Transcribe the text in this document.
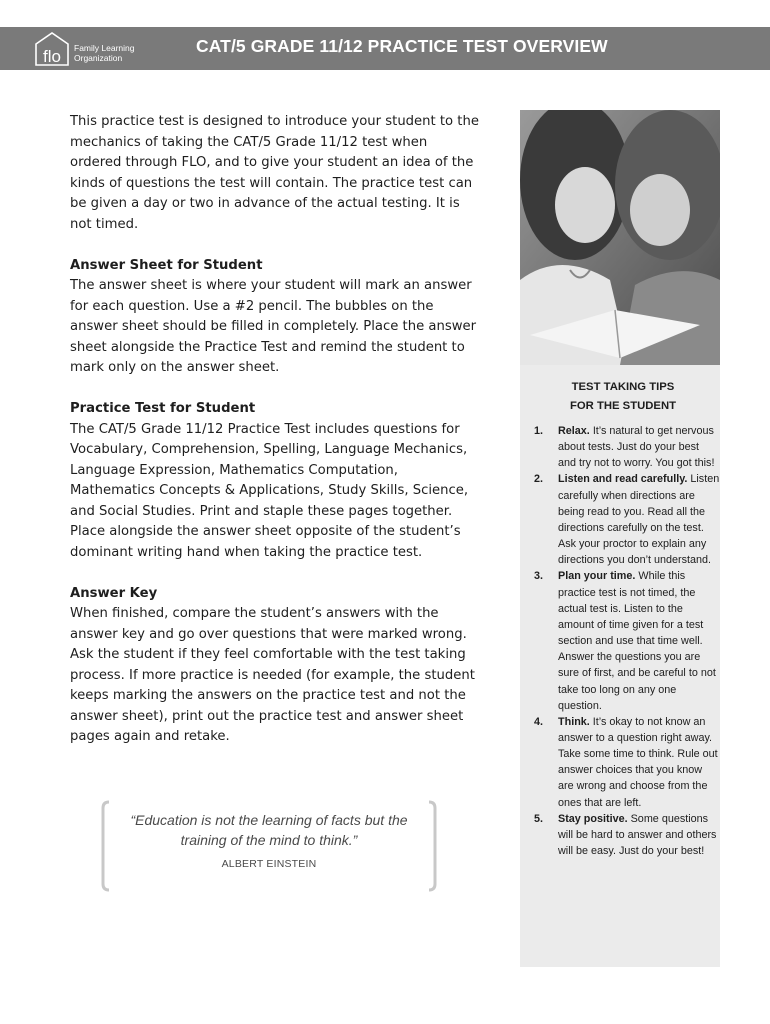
flo Family Learning
Organization
CAT/5 GRADE 11/12 PRACTICE TEST OVERVIEW

This practice test is designed to introduce your student to the mechanics of taking the CAT/5 Grade 11/12 test when ordered through FLO, and to give your student an idea of the kinds of questions the test will contain. The practice test can be given a day or two in advance of the actual testing. It is not timed.

Answer Sheet for Student
The answer sheet is where your student will mark an answer for each question. Use a #2 pencil. The bubbles on the answer sheet should be filled in completely. Place the answer sheet alongside the Practice Test and remind the student to mark only on the answer sheet.

Practice Test for Student
The CAT/5 Grade 11/12 Practice Test includes questions for Vocabulary, Comprehension, Spelling, Language Mechanics, Language Expression, Mathematics Computation, Mathematics Concepts & Applications, Study Skills, Science, and Social Studies. Print and staple these pages together. Place alongside the answer sheet opposite of the student’s dominant writing hand when taking the practice test.

Answer Key
When finished, compare the student’s answers with the answer key and go over questions that were marked wrong. Ask the student if they feel comfortable with the test taking process. If more practice is needed (for example, the student keeps marking the answers on the practice test and not the answer sheet), print out the practice test and answer sheet pages again and retake.

“Education is not the learning of facts but the training of the mind to think.”
ALBERT EINSTEIN
TEST TAKING TIPS
FOR THE STUDENT
1. Relax. It’s natural to get nervous about tests. Just do your best and try not to worry. You got this!
2. Listen and read carefully. Listen carefully when directions are being read to you. Read all the directions carefully on the test. Ask your proctor to explain any directions you don’t understand.
3. Plan your time. While this practice test is not timed, the actual test is. Listen to the amount of time given for a test section and use that time well. Answer the questions you are sure of first, and be careful to not take too long on any one question.
4. Think. It’s okay to not know an answer to a question right away. Take some time to think. Rule out answer choices that you know are wrong and choose from the ones that are left.
5. Stay positive. Some questions will be hard to answer and others will be easy. Just do your best!
